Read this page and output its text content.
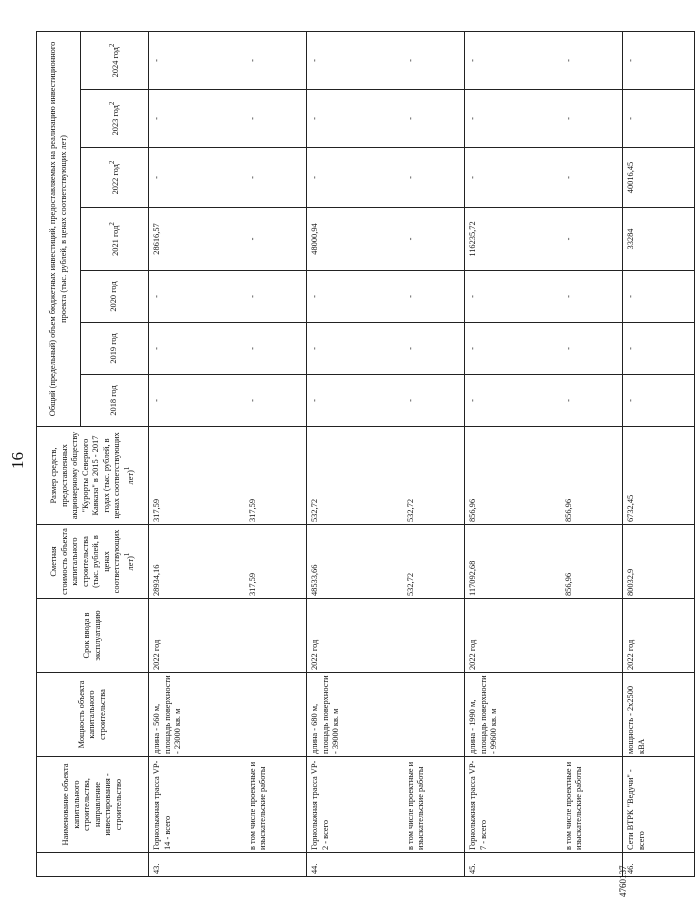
16
	Наименование объекта капитального строительства, направление инвестирования - строительство	Мощность объекта капитального строительства	Срок ввода в эксплуатацию	Сметная стоимость объекта капитального строительства (тыс. рублей, в ценах соответствующих лет)$^1$	Размер средств, предоставленных акционерному обществу "Курорты Северного Кавказа" в 2015 - 2017 годах (тыс. рублей, в ценах соответствующих лет)$^1$	Общий (предельный) объем бюджетных инвестиций, предоставляемых на реализацию инвестиционного проекта (тыс. рублей, в ценах соответствующих лет)						
						2018 год	2019 год	2020 год	2021 год$^2$	2022 год$^2$	2023 год$^2$	2024 год$^2$
43.	Горнолыжная трасса VP-14 - всего	длина - 560 м, площадь поверхности - 23000 кв. м	2022 год	28934,16	317,59	-	-	-	28616,57	-	-	-
	в том числе проектные и изыскательские работы			317,59	317,59	-	-	-	-	-	-	-
44.	Горнолыжная трасса VP-2 - всего	длина - 680 м, площадь поверхности - 39000 кв. м	2022 год	48533,66	532,72	-	-	-	48000,94	-	-	-
	в том числе проектные и изыскательские работы			532,72	532,72	-	-	-	-	-	-	-
45.	Горнолыжная трасса VP-7 - всего	длина - 1990 м, площадь поверхности - 99600 кв. м	2022 год	117092,68	856,96	-	-	-	116235,72	-	-	-
	в том числе проектные и изыскательские работы			856,96	856,96	-	-	-	-	-	-	-
46.	Сети ВТРК "Ведучи" - всего	мощность - 2х2500 кВА	2022 год	80032,9	6732,45	-	-	-	33284	40016,45	-	-
4760137
